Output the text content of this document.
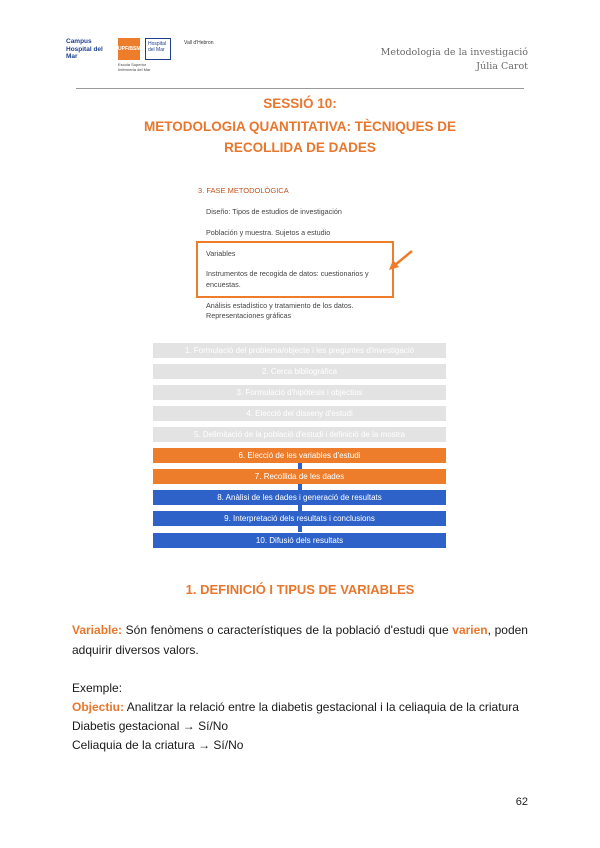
Campus Hospital del Mar
UPF/BSM
Escola Superior Infermeria del Mar
Hospital del Mar
Vall d'Hebron
Metodologia de la investigació
Júlia Carot
SESSIÓ 10:
METODOLOGIA QUANTITATIVA: TÈCNIQUES DE
RECOLLIDA DE DADES
3. FASE METODOLÒGICA
Diseño: Tipos de estudios de investigación
Población y muestra. Sujetos a estudio
Variables
Instrumentos de recogida de datos: cuestionarios y
encuestas.
Análisis estadístico y tratamiento de los datos.
Representaciones gráficas
1. Formulació del problema/objecte i les preguntes d'investigació
2. Cerca bibliogràfica
3. Formulació d'hipòtesis i objectius
4. Elecció del disseny d'estudi
5. Delimitació de la població d'estudi i definició de la mostra
6. Elecció de les variables d'estudi
7. Recollida de les dades
8. Anàlisi de les dades i generació de resultats
9. Interpretació dels resultats i conclusions
10. Difusió dels resultats
1. DEFINICIÓ I TIPUS DE VARIABLES
Variable: Són fenòmens o característiques de la població d'estudi que varien, poden adquirir diversos valors.
Exemple:
Objectiu: Analitzar la relació entre la diabetis gestacional i la celiaquia de la criatura
Diabetis gestacional → Sí/No
Celiaquia de la criatura → Sí/No
62
